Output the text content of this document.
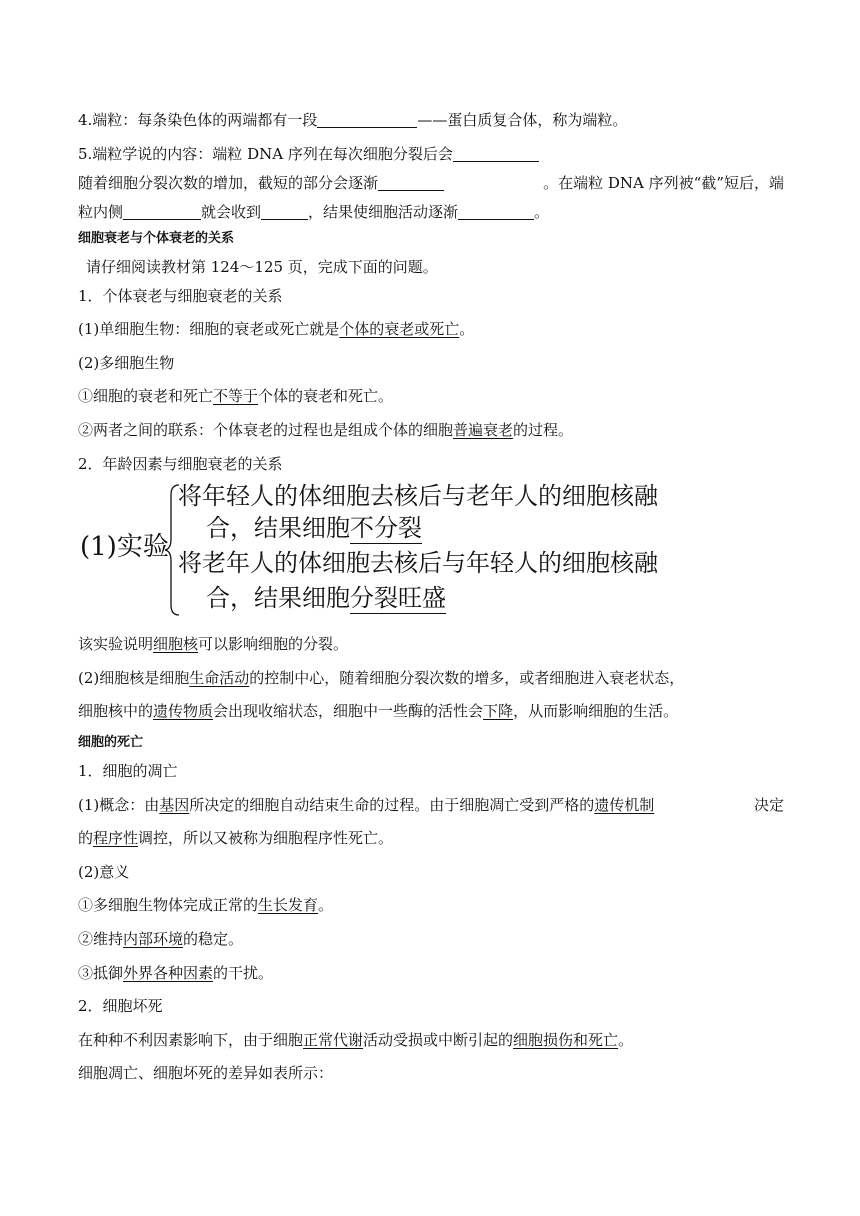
4.端粒：每条染色体的两端都有一段	——蛋白质复合体，称为端粒。
5.端粒学说的内容：端粒 DNA 序列在每次细胞分裂后会
随着细胞分裂次数的增加，截短的部分会逐渐	。在端粒 DNA 序列被“截”短后，端
粒内侧	就会收到	，结果使细胞活动逐渐	。
细胞衰老与个体衰老的关系
请仔细阅读教材第 124～125 页，完成下面的问题。
1．个体衰老与细胞衰老的关系
(1)单细胞生物：细胞的衰老或死亡就是个体的衰老或死亡。
(2)多细胞生物
①细胞的衰老和死亡不等于个体的衰老和死亡。
②两者之间的联系：个体衰老的过程也是组成个体的细胞普遍衰老的过程。
2．年龄因素与细胞衰老的关系
(1)实验
将年轻人的体细胞去核后与老年人的细胞核融
合，结果细胞不分裂
将老年人的体细胞去核后与年轻人的细胞核融
合，结果细胞分裂旺盛
该实验说明细胞核可以影响细胞的分裂。
(2)细胞核是细胞生命活动的控制中心，随着细胞分裂次数的增多，或者细胞进入衰老状态，
细胞核中的遗传物质会出现收缩状态，细胞中一些酶的活性会下降，从而影响细胞的生活。
细胞的死亡
1．细胞的凋亡
(1)概念：由基因所决定的细胞自动结束生命的过程。由于细胞凋亡受到严格的遗传机制	决定
的程序性调控，所以又被称为细胞程序性死亡。
(2)意义
①多细胞生物体完成正常的生长发育。
②维持内部环境的稳定。
③抵御外界各种因素的干扰。
2．细胞坏死
在种种不利因素影响下，由于细胞正常代谢活动受损或中断引起的细胞损伤和死亡。
细胞凋亡、细胞坏死的差异如表所示：
